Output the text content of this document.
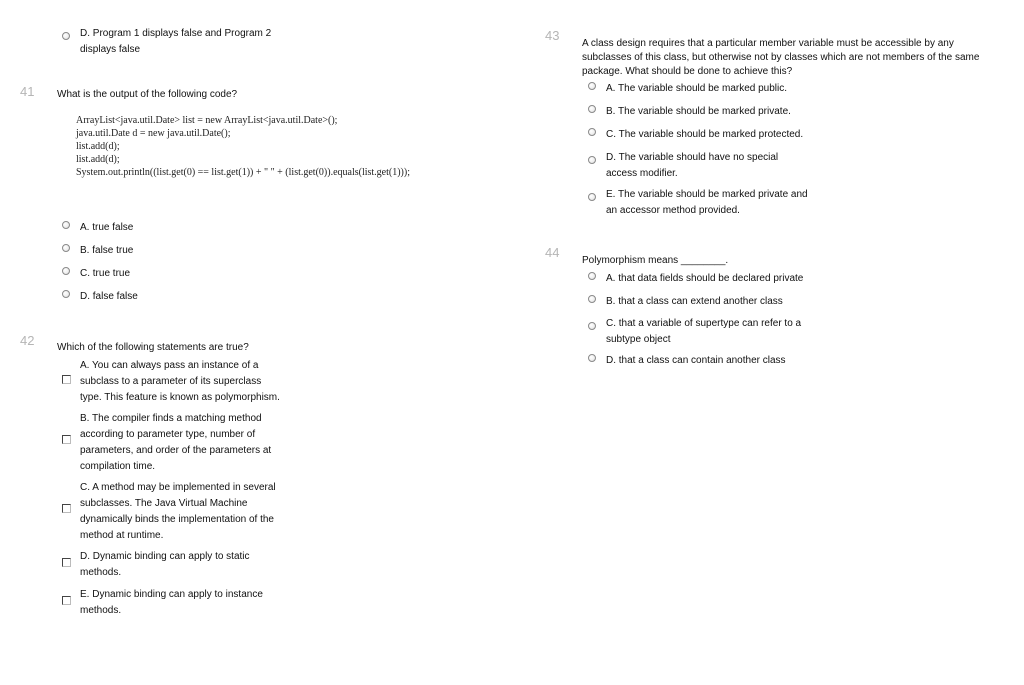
D. Program 1 displays false and Program 2
displays false
41 What is the output of the following code?
ArrayList<java.util.Date> list = new ArrayList<java.util.Date>();
java.util.Date d = new java.util.Date();
list.add(d);
list.add(d);
System.out.println((list.get(0) == list.get(1)) + " " + (list.get(0)).equals(list.get(1)));
A. true false
B. false true
C. true true
D. false false
42 Which of the following statements are true?
A. You can always pass an instance of a
subclass to a parameter of its superclass
type. This feature is known as polymorphism.
B. The compiler finds a matching method
according to parameter type, number of
parameters, and order of the parameters at
compilation time.
C. A method may be implemented in several
subclasses. The Java Virtual Machine
dynamically binds the implementation of the
method at runtime.
D. Dynamic binding can apply to static
methods.
E. Dynamic binding can apply to instance
methods.
43
A class design requires that a particular member variable must be accessible by any
subclasses of this class, but otherwise not by classes which are not members of the same
package. What should be done to achieve this?
A. The variable should be marked public.
B. The variable should be marked private.
C. The variable should be marked protected.
D. The variable should have no special
access modifier.
E. The variable should be marked private and
an accessor method provided.
44
Polymorphism means ________.
A. that data fields should be declared private
B. that a class can extend another class
C. that a variable of supertype can refer to a
subtype object
D. that a class can contain another class
